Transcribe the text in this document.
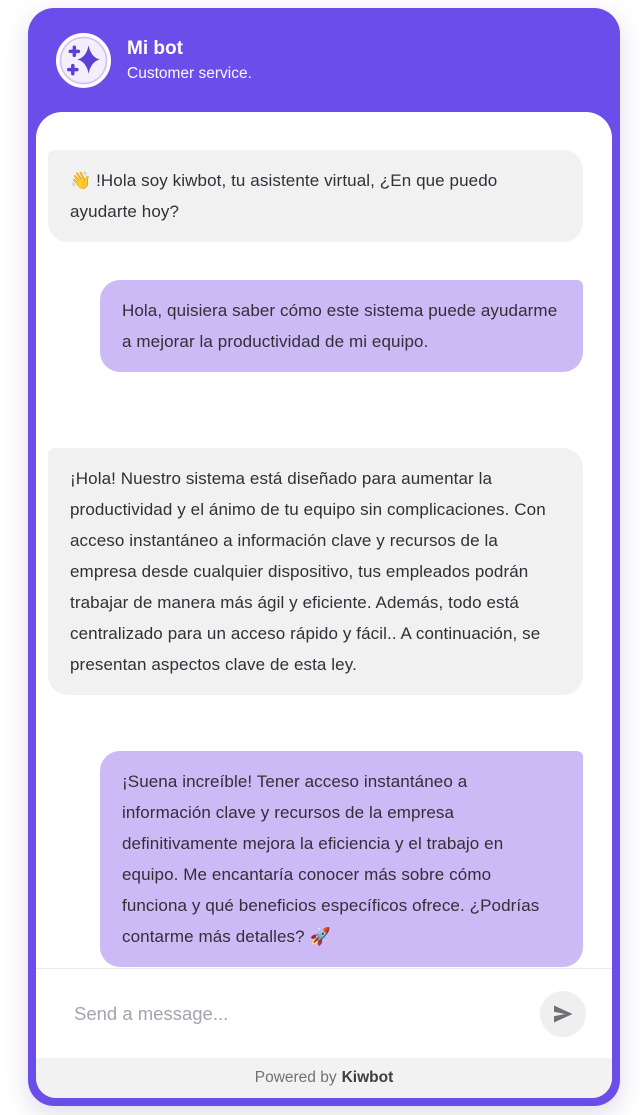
Mi bot
Customer service.
👋 !Hola soy kiwbot, tu asistente virtual, ¿En que puedo ayudarte hoy?
Hola, quisiera saber cómo este sistema puede ayudarme a mejorar la productividad de mi equipo.
¡Hola! Nuestro sistema está diseñado para aumentar la productividad y el ánimo de tu equipo sin complicaciones. Con acceso instantáneo a información clave y recursos de la empresa desde cualquier dispositivo, tus empleados podrán trabajar de manera más ágil y eficiente. Además, todo está centralizado para un acceso rápido y fácil.. A continuación, se presentan aspectos clave de esta ley.
¡Suena increíble! Tener acceso instantáneo a información clave y recursos de la empresa definitivamente mejora la eficiencia y el trabajo en equipo. Me encantaría conocer más sobre cómo funciona y qué beneficios específicos ofrece. ¿Podrías contarme más detalles? 🚀
Send a message...
Powered by Kiwbot
